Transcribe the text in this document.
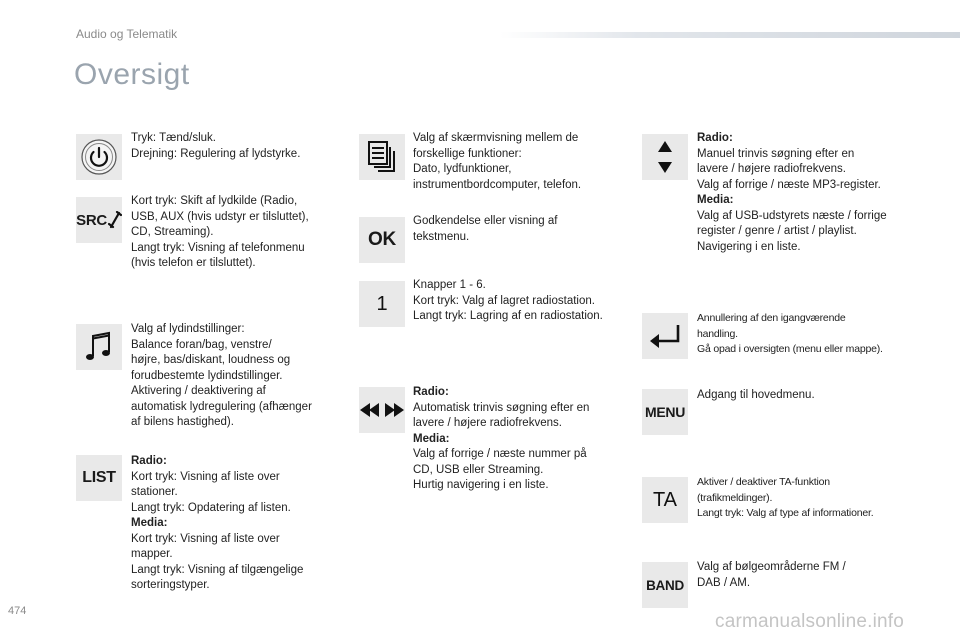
Audio og Telematik
Oversigt

Tryk: Tænd/sluk.

Drejning: Regulering af lydstyrke.

SRC

Kort tryk: Skift af lydkilde (Radio,

USB, AUX (hvis udstyr er tilsluttet),

CD, Streaming).

Langt tryk: Visning af telefonmenu

(hvis telefon er tilsluttet).

Valg af lydindstillinger:

Balance foran/bag, venstre/

højre, bas/diskant, loudness og

forudbestemte lydindstillinger.

Aktivering / deaktivering af

automatisk lydregulering (afhænger

af bilens hastighed).

LIST

Radio:

Kort tryk: Visning af liste over

stationer.

Langt tryk: Opdatering af listen.

Media:

Kort tryk: Visning af liste over

mapper.

Langt tryk: Visning af tilgængelige

sorteringstyper.

Valg af skærmvisning mellem de

forskellige funktioner:

Dato, lydfunktioner,

instrumentbordcomputer, telefon.

OK

Godkendelse eller visning af

tekstmenu.

1

Knapper 1 - 6.

Kort tryk: Valg af lagret radiostation.

Langt tryk: Lagring af en radiostation.

Radio:

Automatisk trinvis søgning efter en

lavere / højere radiofrekvens.

Media:

Valg af forrige / næste nummer på

CD, USB eller Streaming.

Hurtig navigering i en liste.

Radio:

Manuel trinvis søgning efter en

lavere / højere radiofrekvens.

Valg af forrige / næste MP3-register.

Media:

Valg af USB-udstyrets næste / forrige

register / genre / artist / playlist.

Navigering i en liste.

Annullering af den igangværende

handling.

Gå opad i oversigten (menu eller mappe).

MENU

Adgang til hovedmenu.

TA

Aktiver / deaktiver TA-funktion

(trafikmeldinger).

Langt tryk: Valg af type af informationer.

BAND

Valg af bølgeområderne FM /

DAB / AM.

474	carmanualsonline.info
